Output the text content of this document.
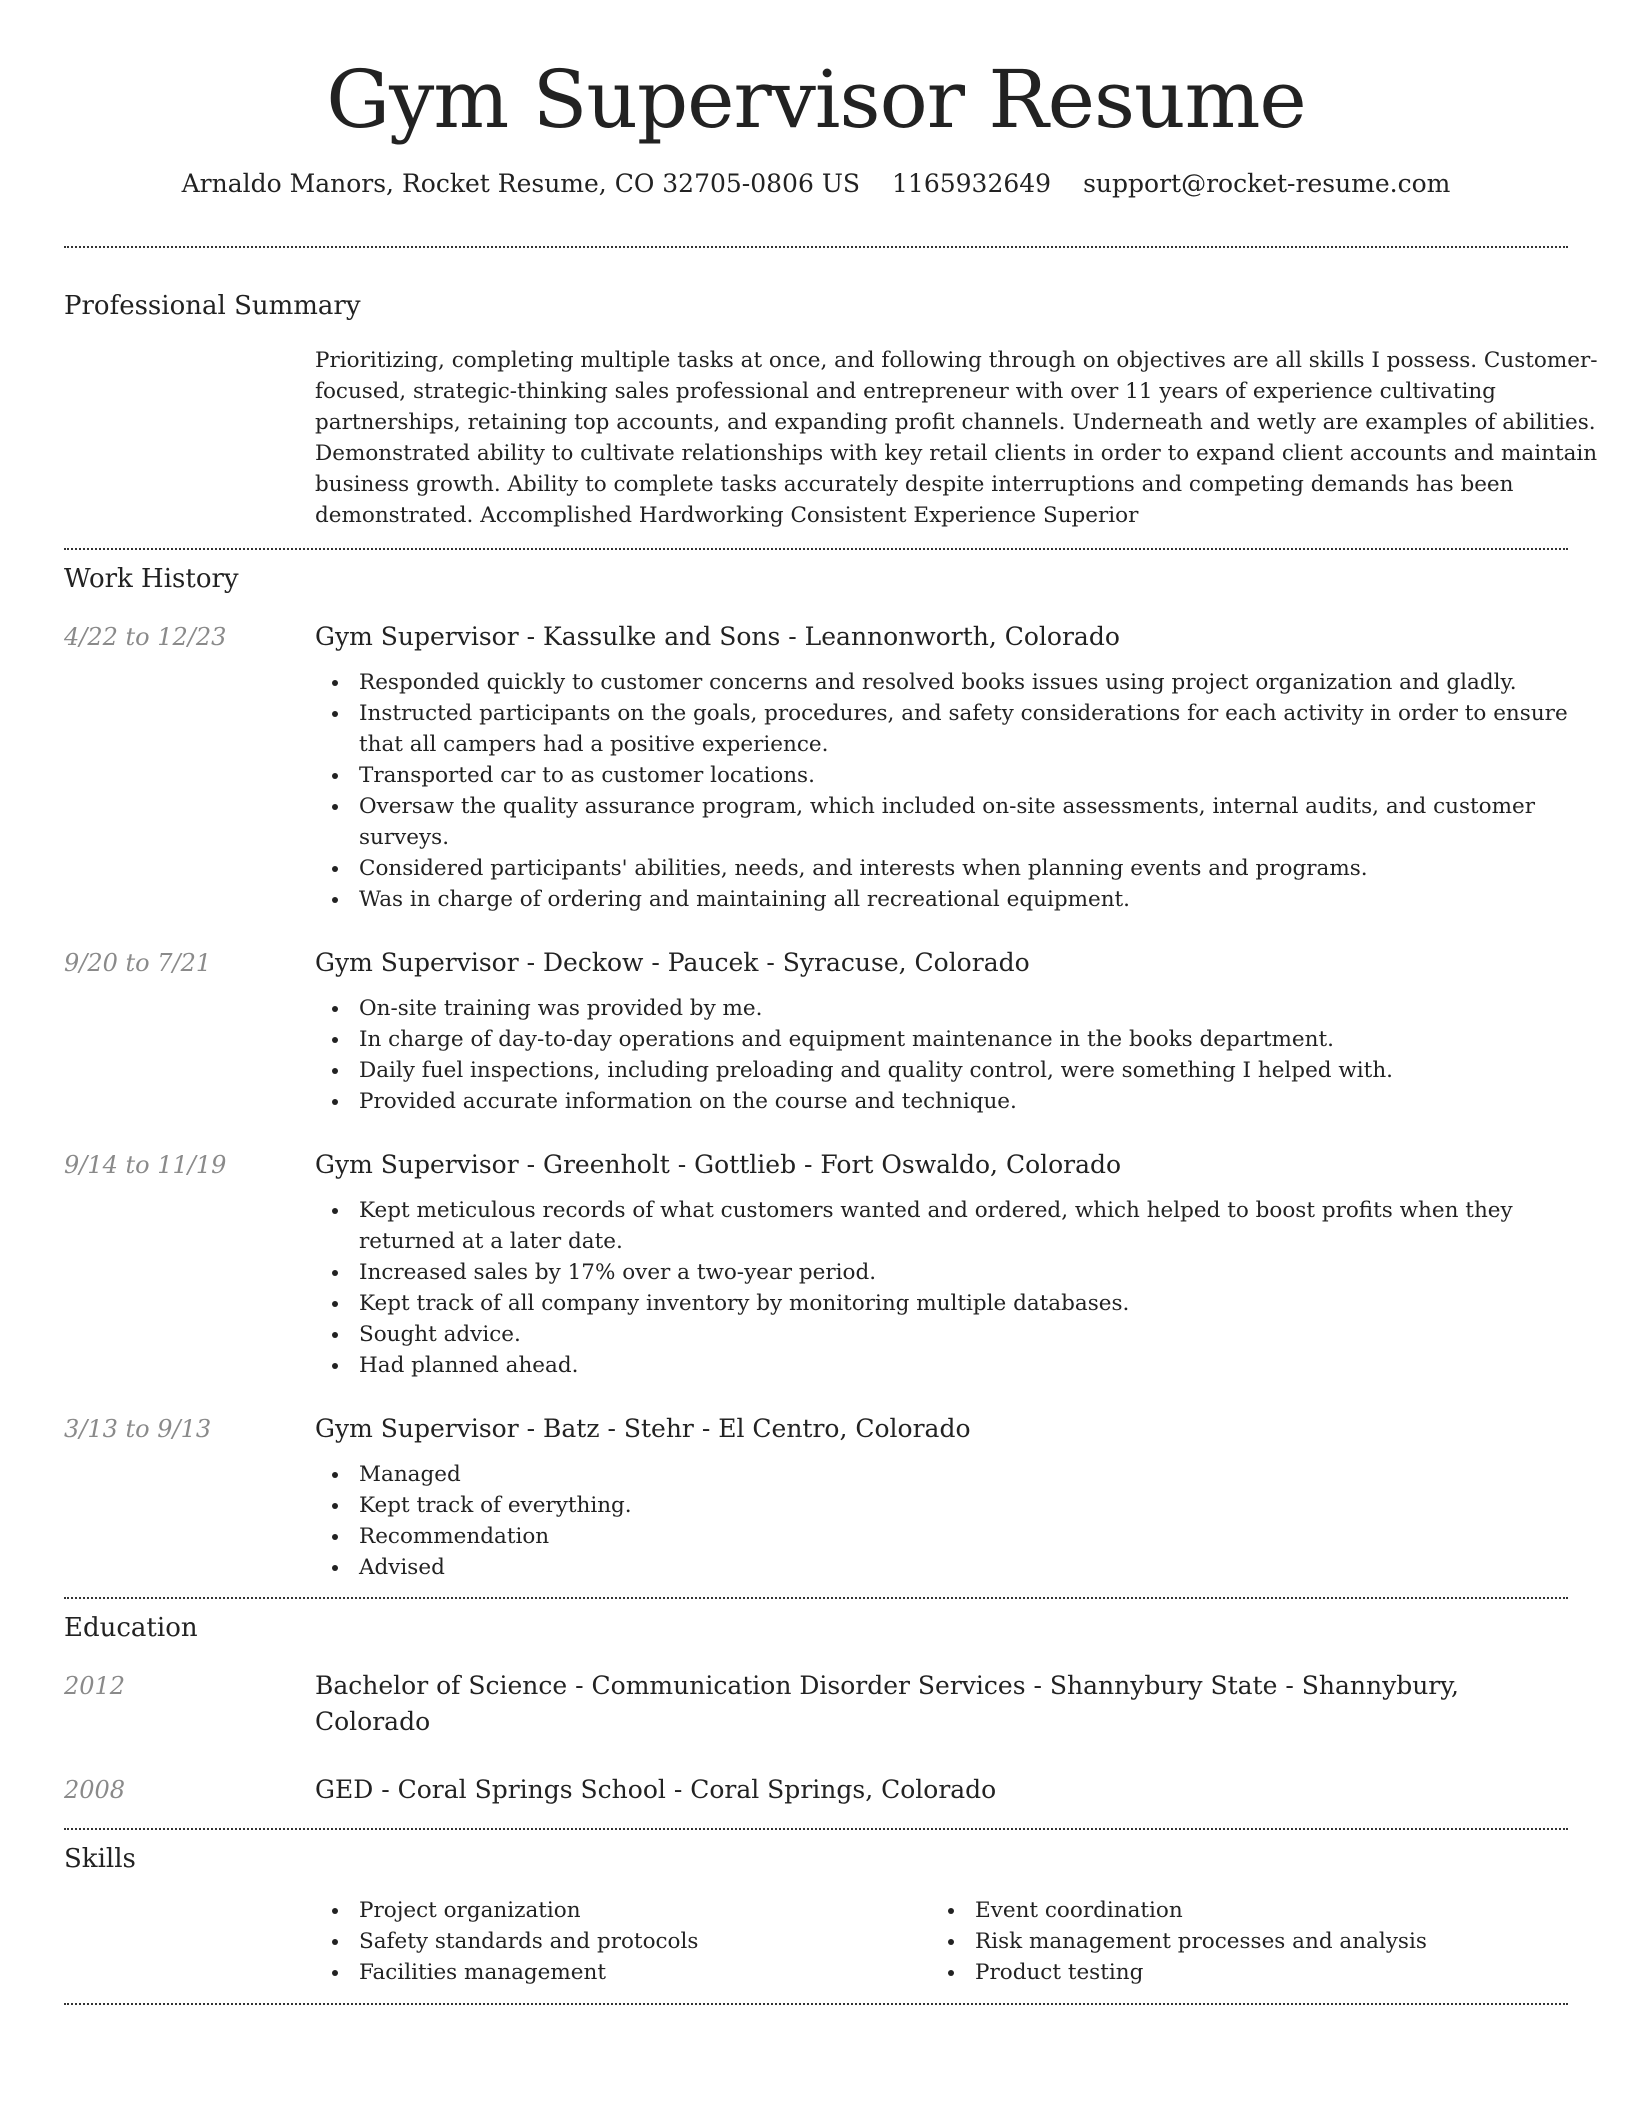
Gym Supervisor Resume
Arnaldo Manors, Rocket Resume, CO 32705-0806 US 1165932649 support@rocket-resume.com
Professional Summary

Prioritizing, completing multiple tasks at once, and following through on objectives are all skills I possess. Customer-focused, strategic-thinking sales professional and entrepreneur with over 11 years of experience cultivating partnerships, retaining top accounts, and expanding profit channels. Underneath and wetly are examples of abilities. Demonstrated ability to cultivate relationships with key retail clients in order to expand client accounts and maintain business growth. Ability to complete tasks accurately despite interruptions and competing demands has been demonstrated. Accomplished Hardworking Consistent Experience Superior

Work History
4/22 to 12/23	Gym Supervisor - Kassulke and Sons - Leannonworth, Colorado
Responded quickly to customer concerns and resolved books issues using project organization and gladly.
Instructed participants on the goals, procedures, and safety considerations for each activity in order to ensure that all campers had a positive experience.
Transported car to as customer locations.
Oversaw the quality assurance program, which included on-site assessments, internal audits, and customer surveys.
Considered participants' abilities, needs, and interests when planning events and programs.
Was in charge of ordering and maintaining all recreational equipment.
9/20 to 7/21	Gym Supervisor - Deckow - Paucek - Syracuse, Colorado
On-site training was provided by me.
In charge of day-to-day operations and equipment maintenance in the books department.
Daily fuel inspections, including preloading and quality control, were something I helped with.
Provided accurate information on the course and technique.
9/14 to 11/19	Gym Supervisor - Greenholt - Gottlieb - Fort Oswaldo, Colorado
Kept meticulous records of what customers wanted and ordered, which helped to boost profits when they returned at a later date.
Increased sales by 17% over a two-year period.
Kept track of all company inventory by monitoring multiple databases.
Sought advice.
Had planned ahead.
3/13 to 9/13	Gym Supervisor - Batz - Stehr - El Centro, Colorado
Managed
Kept track of everything.
Recommendation
Advised
Education
2012	Bachelor of Science - Communication Disorder Services - Shannybury State - Shannybury, Colorado
2008	GED - Coral Springs School - Coral Springs, Colorado
Skills
Project organization
Safety standards and protocols
Facilities management
Event coordination
Risk management processes and analysis
Product testing
